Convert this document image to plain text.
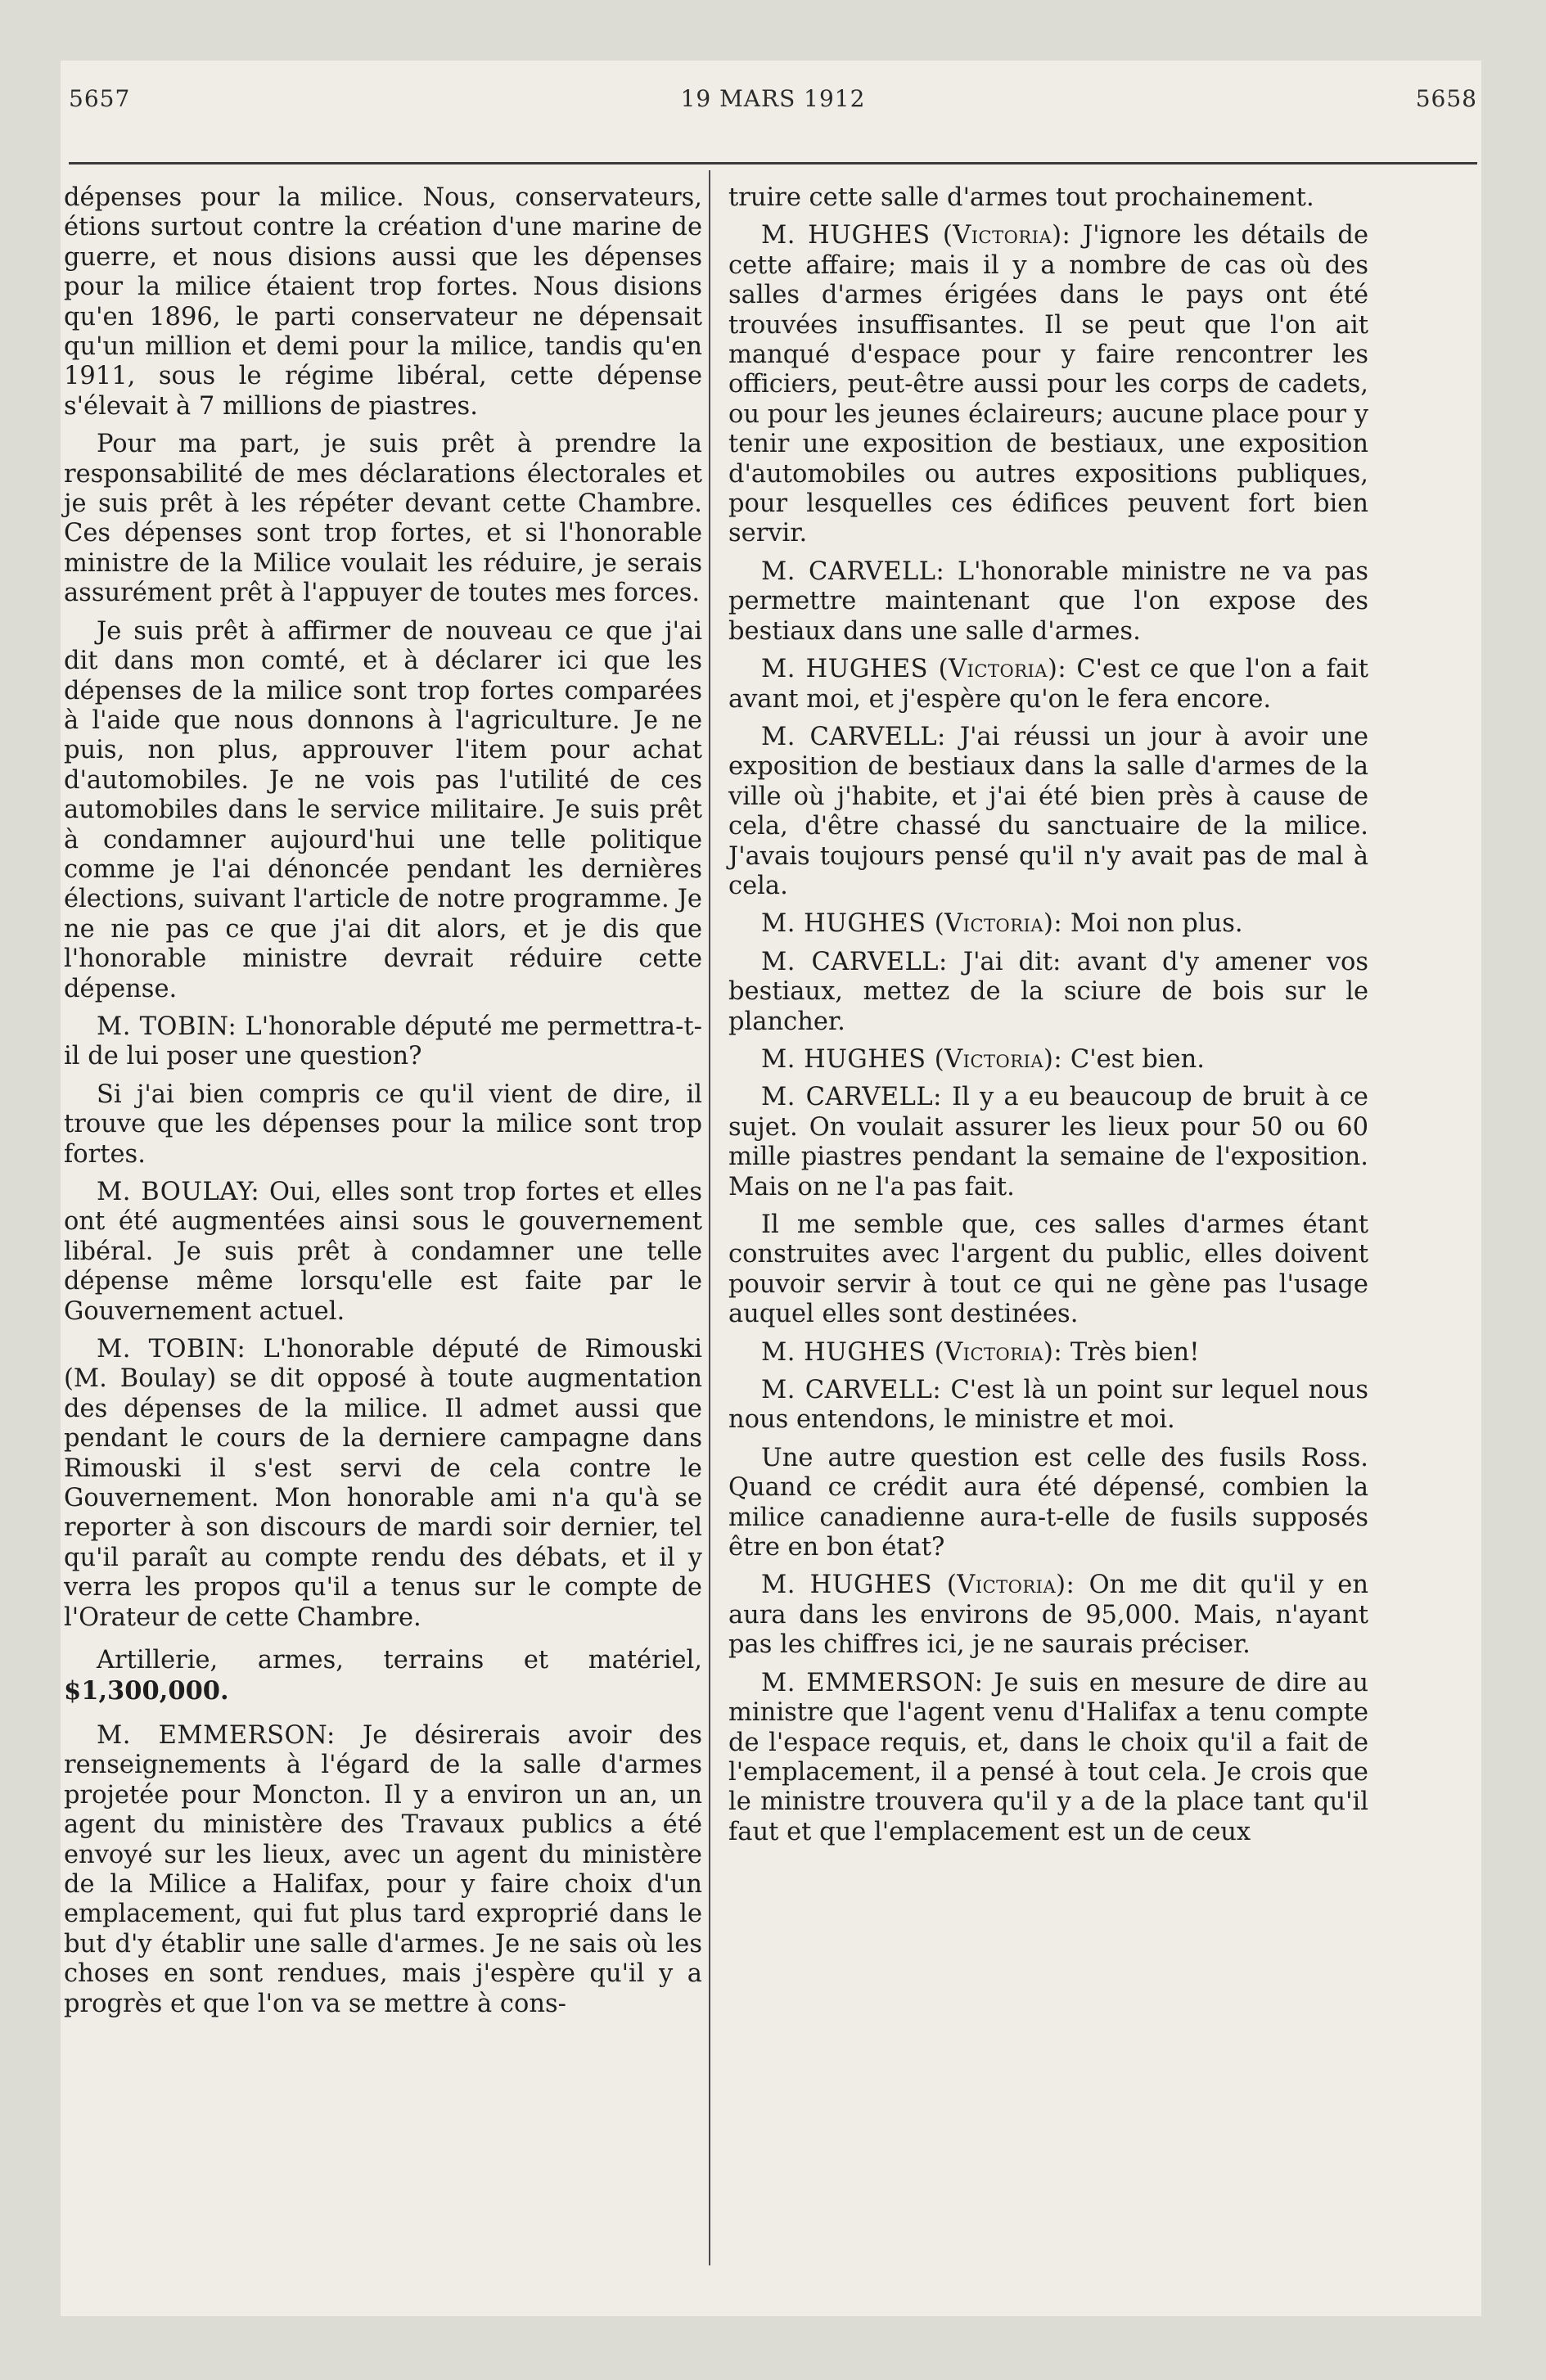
5657	19 MARS 1912	5658

dépenses pour la milice. Nous, conservateurs, étions surtout contre la création d'une marine de guerre, et nous disions aussi que les dépenses pour la milice étaient trop fortes. Nous disions qu'en 1896, le parti conservateur ne dépensait qu'un million et demi pour la milice, tandis qu'en 1911, sous le régime libéral, cette dépense s'élevait à 7 millions de piastres.

Pour ma part, je suis prêt à prendre la responsabilité de mes déclarations électorales et je suis prêt à les répéter devant cette Chambre. Ces dépenses sont trop fortes, et si l'honorable ministre de la Milice voulait les réduire, je serais assurément prêt à l'appuyer de toutes mes forces.

Je suis prêt à affirmer de nouveau ce que j'ai dit dans mon comté, et à déclarer ici que les dépenses de la milice sont trop fortes comparées à l'aide que nous donnons à l'agriculture. Je ne puis, non plus, approuver l'item pour achat d'automobiles. Je ne vois pas l'utilité de ces automobiles dans le service militaire. Je suis prêt à condamner aujourd'hui une telle politique comme je l'ai dénoncée pendant les dernières élections, suivant l'article de notre programme. Je ne nie pas ce que j'ai dit alors, et je dis que l'honorable ministre devrait réduire cette dépense.

M. TOBIN: L'honorable député me permettra-t-il de lui poser une question?

Si j'ai bien compris ce qu'il vient de dire, il trouve que les dépenses pour la milice sont trop fortes.

M. BOULAY: Oui, elles sont trop fortes et elles ont été augmentées ainsi sous le gouvernement libéral. Je suis prêt à condamner une telle dépense même lorsqu'elle est faite par le Gouvernement actuel.

M. TOBIN: L'honorable député de Rimouski (M. Boulay) se dit opposé à toute augmentation des dépenses de la milice. Il admet aussi que pendant le cours de la derniere campagne dans Rimouski il s'est servi de cela contre le Gouvernement. Mon honorable ami n'a qu'à se reporter à son discours de mardi soir dernier, tel qu'il paraît au compte rendu des débats, et il y verra les propos qu'il a tenus sur le compte de l'Orateur de cette Chambre.

Artillerie, armes, terrains et matériel, $1,300,000.

M. EMMERSON: Je désirerais avoir des renseignements à l'égard de la salle d'armes projetée pour Moncton. Il y a environ un an, un agent du ministère des Travaux publics a été envoyé sur les lieux, avec un agent du ministère de la Milice a Halifax, pour y faire choix d'un emplacement, qui fut plus tard exproprié dans le but d'y établir une salle d'armes. Je ne sais où les choses en sont rendues, mais j'espère qu'il y a progrès et que l'on va se mettre à cons-

truire cette salle d'armes tout prochainement.

M. HUGHES (Victoria): J'ignore les détails de cette affaire; mais il y a nombre de cas où des salles d'armes érigées dans le pays ont été trouvées insuffisantes. Il se peut que l'on ait manqué d'espace pour y faire rencontrer les officiers, peut-être aussi pour les corps de cadets, ou pour les jeunes éclaireurs; aucune place pour y tenir une exposition de bestiaux, une exposition d'automobiles ou autres expositions publiques, pour lesquelles ces édifices peuvent fort bien servir.

M. CARVELL: L'honorable ministre ne va pas permettre maintenant que l'on expose des bestiaux dans une salle d'armes.

M. HUGHES (Victoria): C'est ce que l'on a fait avant moi, et j'espère qu'on le fera encore.

M. CARVELL: J'ai réussi un jour à avoir une exposition de bestiaux dans la salle d'armes de la ville où j'habite, et j'ai été bien près à cause de cela, d'être chassé du sanctuaire de la milice. J'avais toujours pensé qu'il n'y avait pas de mal à cela.

M. HUGHES (Victoria): Moi non plus.

M. CARVELL: J'ai dit: avant d'y amener vos bestiaux, mettez de la sciure de bois sur le plancher.

M. HUGHES (Victoria): C'est bien.

M. CARVELL: Il y a eu beaucoup de bruit à ce sujet. On voulait assurer les lieux pour 50 ou 60 mille piastres pendant la semaine de l'exposition. Mais on ne l'a pas fait.

Il me semble que, ces salles d'armes étant construites avec l'argent du public, elles doivent pouvoir servir à tout ce qui ne gène pas l'usage auquel elles sont destinées.

M. HUGHES (Victoria): Très bien!

M. CARVELL: C'est là un point sur lequel nous nous entendons, le ministre et moi.

Une autre question est celle des fusils Ross. Quand ce crédit aura été dépensé, combien la milice canadienne aura-t-elle de fusils supposés être en bon état?

M. HUGHES (Victoria): On me dit qu'il y en aura dans les environs de 95,000. Mais, n'ayant pas les chiffres ici, je ne saurais préciser.

M. EMMERSON: Je suis en mesure de dire au ministre que l'agent venu d'Halifax a tenu compte de l'espace requis, et, dans le choix qu'il a fait de l'emplacement, il a pensé à tout cela. Je crois que le ministre trouvera qu'il y a de la place tant qu'il faut et que l'emplacement est un de ceux
